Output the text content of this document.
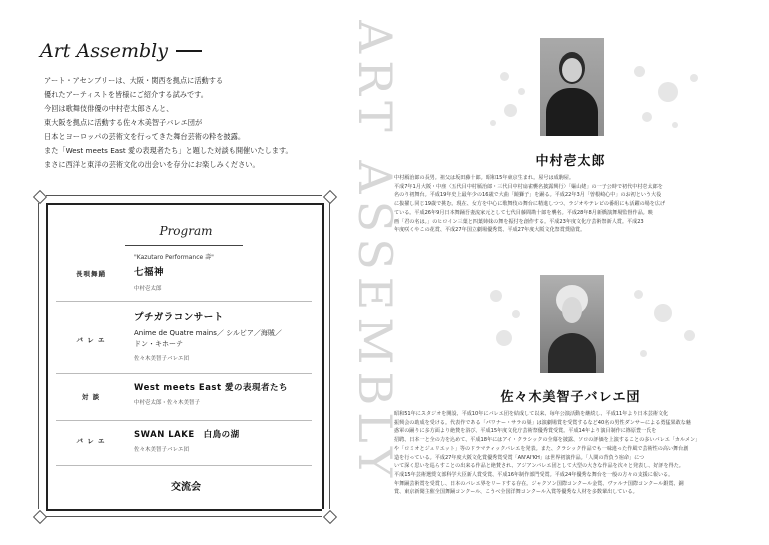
Art Assembly
アート・アセンブリーは、大阪・関西を拠点に活動する
優れたアーティストを皆様にご紹介する試みです。
今回は歌舞伎俳優の中村壱太郎さんと、
東大阪を拠点に活動する佐々木美智子バレエ団が
日本とヨーロッパの芸術文を行ってきた舞台芸術の粋を披露。
また「West meets East 愛の表現者たち」と題した対談も開催いたします。
まさに西洋と東洋の芸術文化の出会いを存分にお楽しみください。
Program
長唄舞踊
"Kazutaro Performance 壽"
七福神
中村壱太郎
バ レ エ
プチガラコンサート
Anime de Quatre mains／ シルビア／海賊／ドン・キホーテ
佐々木美智子バレエ団
対 談
West meets East 愛の表現者たち
中村壱太郎・佐々木美智子
バ レ エ
SWAN LAKE　白鳥の湖
佐々木美智子バレエ団
交流会
ART ASSEMBLY	中村壱太郎
中村鴈治郎の長男。祖父は坂田藤十郎。昭和15年東京生まれ。屋号は成駒屋。
平成7年1月大阪・中座〈五代目中村鴈治郎・三代目中村扇雀襲名披露興行〉「嫗山姥」の一子公時で初代中村壱太郎を
名のり初舞台。平成19年史上最年少の16歳で大曲「鏡獅子」を踊る。平成22年3月「曽根崎心中」のお初という大役
に抜擢し同じ19歳で挑む。現在、女方を中心に歌舞伎の舞台に精進しつつ、ラジオやテレビの番組にも活躍の場を広げ
ている。平成26年9月日本舞踊吾妻流家元として七代目藤間勘十郎を襲名。平成28年8月新橋演舞場監督作品。映
画「君の名は。」のヒロイン三葉と四葉姉妹の舞を振付を創作する。平成23年度文化庁芸術祭新人賞。平成23
年度咲くやこの花賞、平成27年国立劇場優秀賞、平成27年度大阪文化祭賞奨励賞。
佐々木美智子バレエ団
昭和51年にスタジオを開設、平成10年にバレエ団を結成して以来、毎年公演活動を継続し、平成11年より日本芸術文化
振興会の助成を受ける。代表作である「パワナー・サラの巣」は演劇場賞を受賞するなど40名の男性ダンサーによる勇猛果敢な魅
惑軍の踊りに多方面より絶賛を浴び、平成15年度文化庁芸術祭優秀賞受賞。平成14年より演目制作に篠原豊一氏を
招聘、日本一と全の力を込めて、平成18年にはアイ・クラシックの全幕を披露、ソロの評価を上演することの多いバレエ「カルメン」
や「ロミオとジュリエット」等のドラマティックバレエを発表。また、クラシック作品でも一味違った作風で芸術性の高い舞台創
造を行っている。平成27年度大阪文化賞優秀賞受賞「AN'AI'KH」は世界初演作品。「人間の背負う宿命」につ
いて深く思いを巡らすことの出来る作品と絶賛され、アジアンバレエ団として大型の大きな作品を次々と発表し、好評を得た。
平成15年芸術選奨文部科学大臣新人賞受賞、平成16年制作部門受賞。平成24年優秀な舞台を一般の方々の支援に報いる。
年舞踊芸術賞を受賞し、日本のバレエ界をリードする存在。ジャクソン国際コンクール金賞、ヴァルナ国際コンクール銀賞、銅
賞、東京新聞主催全国舞踊コンクール、こうべ全国洋舞コンクール入賞等優秀な人材を多数輩出している。
